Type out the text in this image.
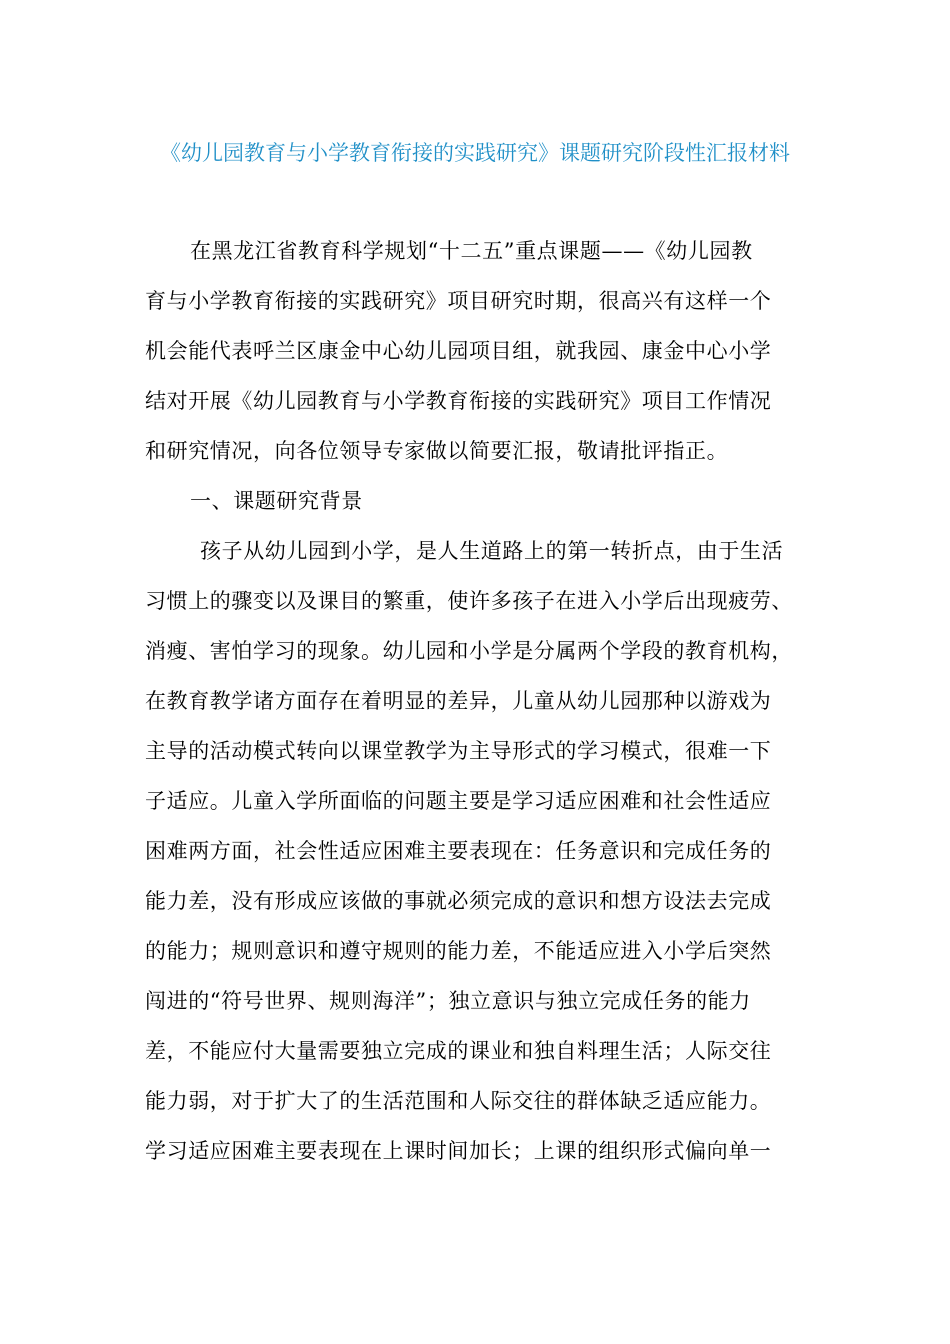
《幼儿园教育与小学教育衔接的实践研究》课题研究阶段性汇报材料
在黑龙江省教育科学规划“十二五”重点课题——《幼儿园教
育与小学教育衔接的实践研究》项目研究时期，很高兴有这样一个
机会能代表呼兰区康金中心幼儿园项目组，就我园、康金中心小学
结对开展《幼儿园教育与小学教育衔接的实践研究》项目工作情况
和研究情况，向各位领导专家做以简要汇报，敬请批评指正。
一、课题研究背景
孩子从幼儿园到小学，是人生道路上的第一转折点，由于生活
习惯上的骤变以及课目的繁重，使许多孩子在进入小学后出现疲劳、
消瘦、害怕学习的现象。幼儿园和小学是分属两个学段的教育机构，
在教育教学诸方面存在着明显的差异，儿童从幼儿园那种以游戏为
主导的活动模式转向以课堂教学为主导形式的学习模式，很难一下
子适应。儿童入学所面临的问题主要是学习适应困难和社会性适应
困难两方面，社会性适应困难主要表现在：任务意识和完成任务的
能力差，没有形成应该做的事就必须完成的意识和想方设法去完成
的能力；规则意识和遵守规则的能力差，不能适应进入小学后突然
闯进的“符号世界、规则海洋”；独立意识与独立完成任务的能力
差，不能应付大量需要独立完成的课业和独自料理生活；人际交往
能力弱，对于扩大了的生活范围和人际交往的群体缺乏适应能力。
学习适应困难主要表现在上课时间加长；上课的组织形式偏向单一
